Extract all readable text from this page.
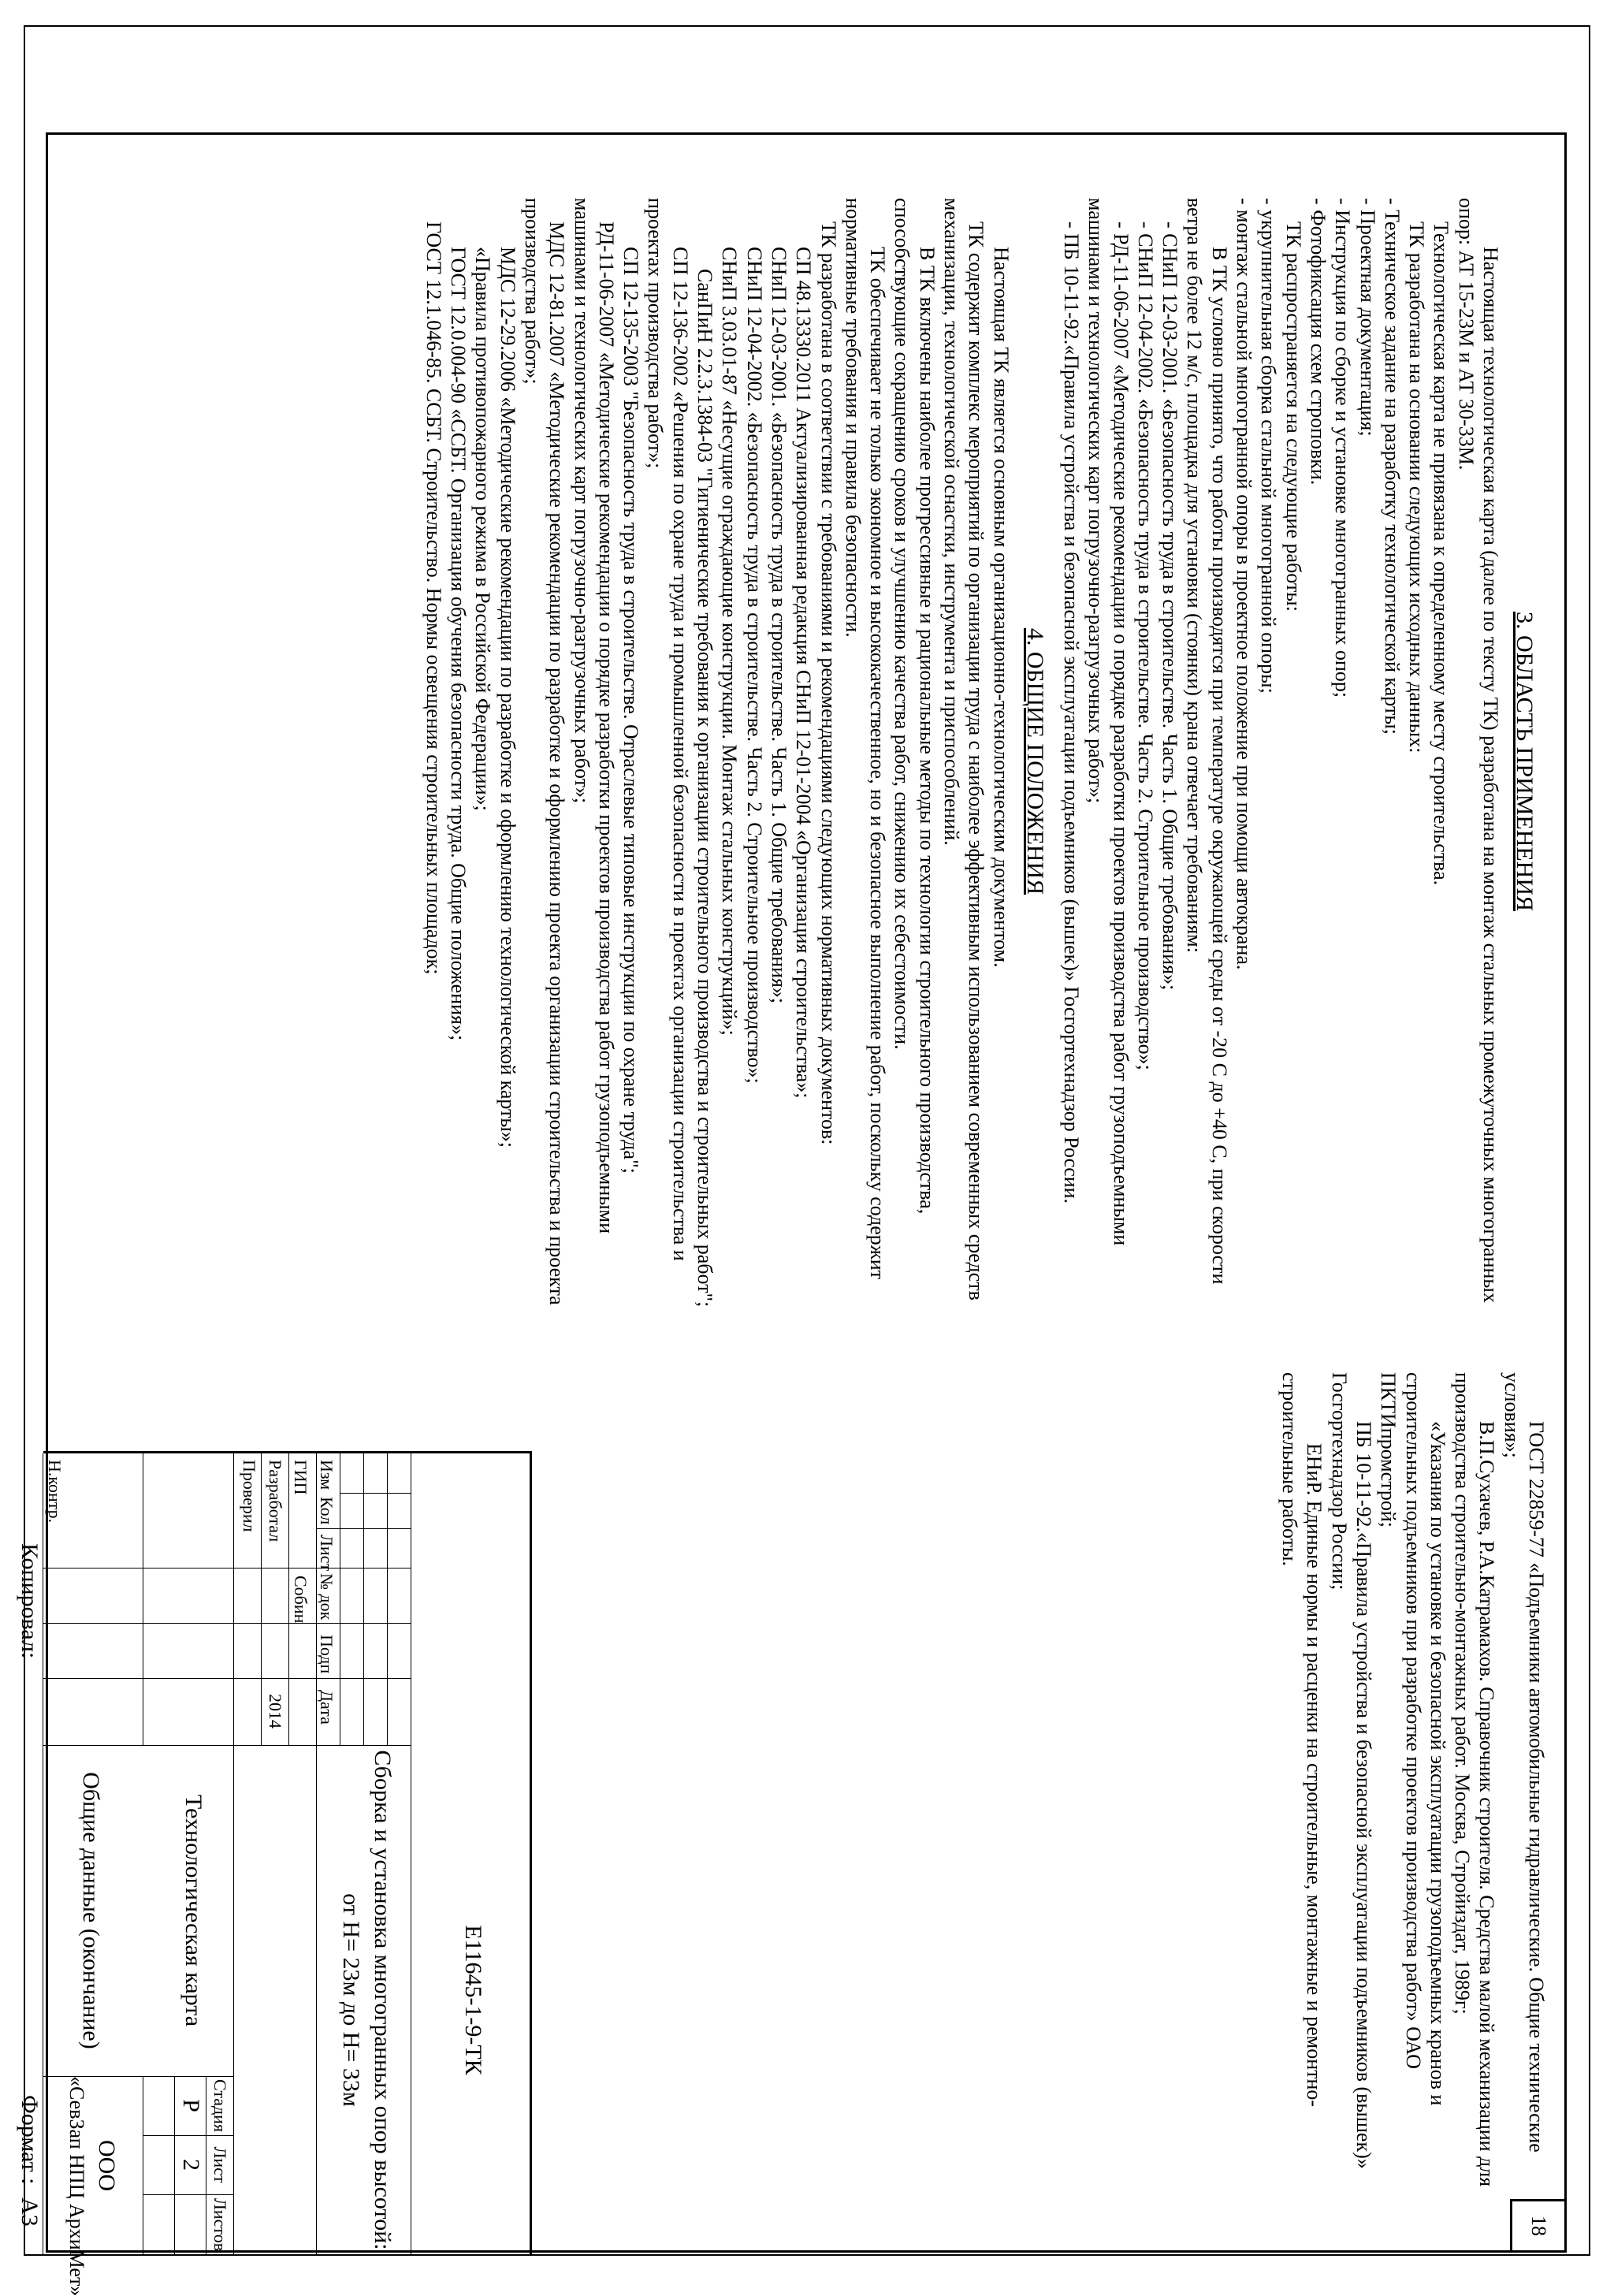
18

3. ОБЛАСТЬ ПРИМЕНЕНИЯ

Настоящая технологическая карта (далее по тексту ТК) разработана на монтаж стальных промежуточных многогранных опор: АТ 15-23М и АТ 30-33М.

Технологическая карта не привязана к определенному месту строительства.

ТК разработана на основании следующих исходных данных:

- Техническое задание на разработку технологической карты;

- Проектная документация;

- Инструкция по сборке и установке многогранных опор;

- Фотофиксация схем строповки.

ТК распространяется на следующие работы:

- укрупнительная сборка стальной многогранной опоры;

- монтаж стальной многогранной опоры в проектное положение при помощи автокрана.

В ТК условно принято, что работы производятся при температуре окружающей среды от -20 С до +40 С, при скорости ветра не более 12 м/с, площадка для установки (стоянки) крана отвечает требованиям:

- СНиП 12-03-2001. «Безопасность труда в строительстве. Часть 1. Общие требования»;

- СНиП 12-04-2002. «Безопасность труда в строительстве. Часть 2. Строительное производство»;

- РД-11-06-2007 «Методические рекомендации о порядке разработки проектов производства работ грузоподъемными машинами и технологических карт погрузочно-разгрузочных работ»;

- ПБ 10-11-92.«Правила устройства и безопасной эксплуатации подъемников (вышек)» Госгортехнадзор России.

4. ОБЩИЕ ПОЛОЖЕНИЯ

Настоящая ТК является основным организационно-технологическим документом.

ТК содержит комплекс мероприятий по организации труда с наиболее эффективным использованием современных средств механизации, технологической оснастки, инструмента и приспособлений.

В ТК включены наиболее прогрессивные и рациональные методы по технологии строительного производства, способствующие сокращению сроков и улучшению качества работ, снижению их себестоимости.

ТК обеспечивает не только экономное и высококачественное, но и безопасное выполнение работ, поскольку содержит нормативные требования и правила безопасности.

ТК разработана в соответствии с требованиями и рекомендациями следующих нормативных документов:

СП 48.13330.2011 Актуализированная редакция СНиП 12-01-2004 «Организация строительства»;

СНиП 12-03-2001. «Безопасность труда в строительстве. Часть 1. Общие требования»;

СНиП 12-04-2002. «Безопасность труда в строительстве. Часть 2. Строительное производство»;

СНиП 3.03.01-87 «Несущие ограждающие конструкции. Монтаж стальных конструкций»;

СанПиН 2.2.3.1384-03 "Гигиенические требования к организации строительного производства и строительных работ";

СП 12-136-2002 «Решения по охране труда и промышленной безопасности в проектах организации строительства и проектах производства работ»;

СП 12-135-2003 "Безопасность труда в строительстве. Отраслевые типовые инструкции по охране труда";

РД-11-06-2007 «Методические рекомендации о порядке разработки проектов производства работ грузоподъемными машинами и технологических карт погрузочно-разгрузочных работ»;

МДС 12-81.2007 «Методические рекомендации по разработке и оформлению проекта организации строительства и проекта производства работ»;

МДС 12-29.2006 «Методические рекомендации по разработке и оформлению технологической карты»;

«Правила противопожарного режима в Российской Федерации»;

ГОСТ 12.0.004-90 «ССБТ. Организация обучения безопасности труда. Общие положения»;

ГОСТ 12.1.046-85. ССБТ. Строительство. Нормы освещения строительных площадок;

ГОСТ 22859-77 «Подъемники автомобильные гидравлические. Общие технические условия»;

В.П.Сухачев, Р.А.Катрамахов. Справочник строителя. Средства малой механизации для производства строительно-монтажных работ. Москва, Стройиздат, 1989г;

«Указания по установке и безопасной эксплуатации грузоподъемных кранов и строительных подъемников при разработке проектов производства работ» ОАО ПКТИпромстрой;

ПБ 10-11-92.«Правила устройства и безопасной эксплуатации подъемников (вышек)» Госгортехнадзор России;

ЕНиР. Единые нормы и расценки на строительные, монтажные и ремонтно-строительные работы.

Е11645-1-9-ТК
Изм
Кол
Лист
№ док
Подп
Дата
ГИП
Собин
2014
Разработал
Проверил
Н.контр.
Сборка и установка многогранных опор высотой:
от Н= 23м до Н= 33м
Технологическая карта
Общие данные (окончание)
Стадия
Лист
Листов
Р
2
ООО
«СевЗап НПЦ АрхиМет»
Копировал:
Формат :
А3
